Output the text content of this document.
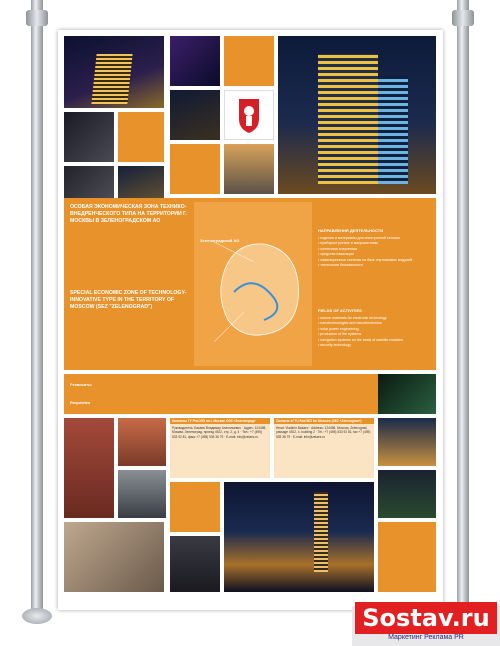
ОСОБАЯ ЭКОНОМИЧЕСКАЯ ЗОНА ТЕХНИКО-ВНЕДРЕНЧЕСКОГО ТИПА НА ТЕРРИТОРИИ Г. МОСКВЫ В ЗЕЛЕНОГРАДСКОМ АО
SPECIAL ECONOMIC ZONE OF TECHNOLOGY-INNOVATIVE TYPE IN THE TERRITORY OF MOSCOW (SEZ "ZELENOGRAD")
Зеленоградский АО
НАПРАВЛЕНИЯ ДЕЯТЕЛЬНОСТИ
• изделия и материалы для электронной техники
• приборостроение и микросистемы
• солнечная энергетика
• средства навигации
• навигационные системы на базе спутниковых модулей
• технологии безопасности
FIELDS OF ACTIVITIES
• source materials for electronic technology
• nanotechnologies and nanoelectronics
• solar power engineering
• production of the systems
• navigation systems on the basis of satellite modules
• security technology
Реквизиты
Requisites
Контакты ГУ РосОЭЗ по г. Москве ОЭЗ «Зеленоград»
Руководитель: Бакаев Владимир Анатольевич · Адрес: 124498, Москва, Зеленоград, проезд 4922, стр. 2, д. 4 · Тел.: +7 (495) 533 92 81, факс +7 (495) 535 36 79 · E-mail: info@zelaez.ru
Contacts of TU RosOEZ for Moscow (SEZ «Zelenograd»)
Head: Vladimir Bakaev · Address: 124498, Moscow, Zelenograd, passage 4922, 4, building 2 · Tel.: +7 (495) 533 92 81, fax +7 (495) 535 36 79 · E-mail: info@zelaez.ru
Sostav.ru
Маркетинг Реклама PR
